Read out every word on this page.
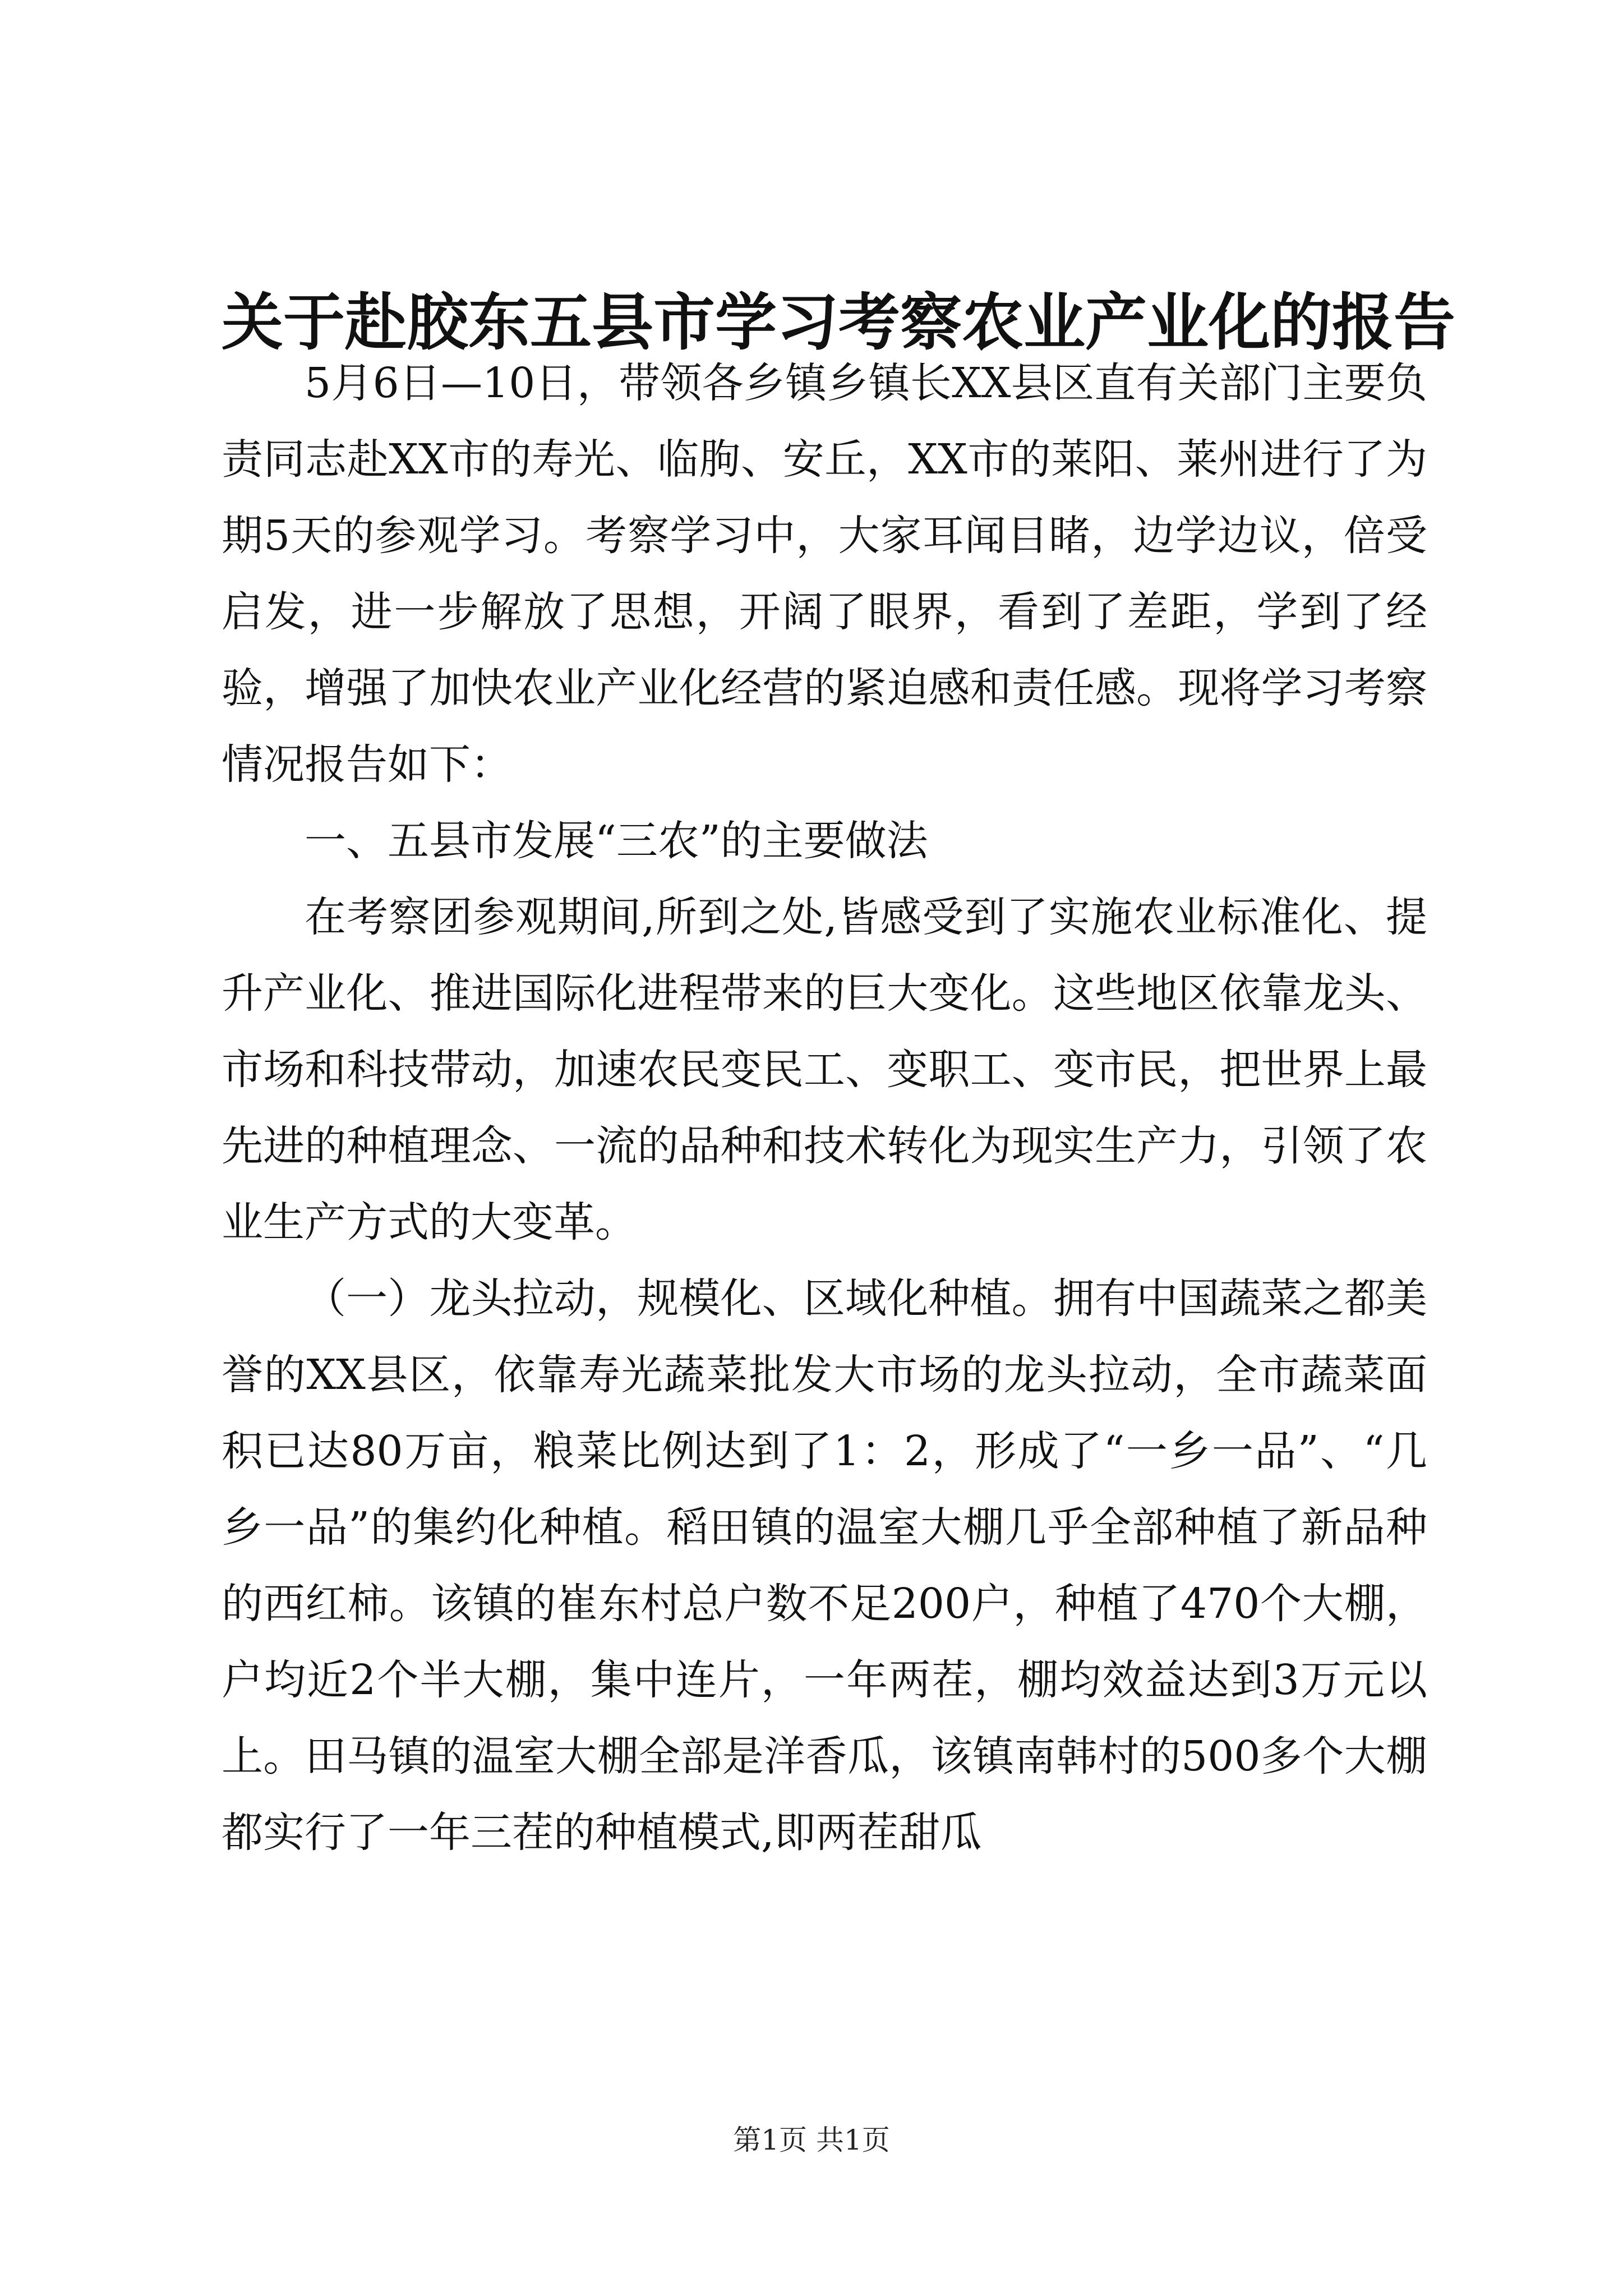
关于赴胶东五县市学习考察农业产业化的报告

5月6日—10日，带领各乡镇乡镇长XX县区直有关部门主要负责同志赴XX市的寿光、临朐、安丘，XX市的莱阳、莱州进行了为期5天的参观学习。考察学习中，大家耳闻目睹，边学边议，倍受启发，进一步解放了思想，开阔了眼界，看到了差距，学到了经验，增强了加快农业产业化经营的紧迫感和责任感。现将学习考察情况报告如下：

一、五县市发展“三农”的主要做法

在考察团参观期间,所到之处,皆感受到了实施农业标准化、提升产业化、推进国际化进程带来的巨大变化。这些地区依靠龙头、市场和科技带动，加速农民变民工、变职工、变市民，把世界上最先进的种植理念、一流的品种和技术转化为现实生产力，引领了农业生产方式的大变革。

（一）龙头拉动，规模化、区域化种植。拥有中国蔬菜之都美誉的XX县区，依靠寿光蔬菜批发大市场的龙头拉动，全市蔬菜面积已达80万亩，粮菜比例达到了1：2，形成了“一乡一品”、“几乡一品”的集约化种植。稻田镇的温室大棚几乎全部种植了新品种的西红柿。该镇的崔东村总户数不足200户，种植了470个大棚，户均近2个半大棚，集中连片，一年两茬，棚均效益达到3万元以上。田马镇的温室大棚全部是洋香瓜，该镇南韩村的500多个大棚都实行了一年三茬的种植模式,即两茬甜瓜

第1页 共1页
